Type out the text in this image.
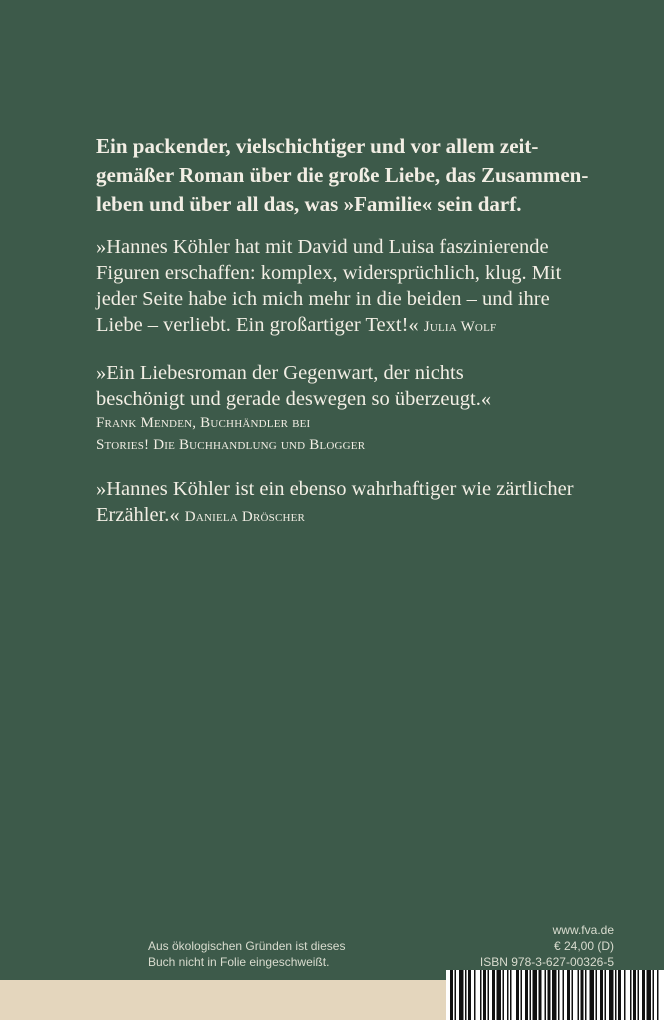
Ein packender, vielschichtiger und vor allem zeit-
gemäßer Roman über die große Liebe, das Zusammen-
leben und über all das, was »Familie« sein darf.

»Hannes Köhler hat mit David und Luisa faszinierende
Figuren erschaffen: komplex, widersprüchlich, klug. Mit
jeder Seite habe ich mich mehr in die beiden – und ihre
Liebe – verliebt. Ein großartiger Text!« Julia Wolf

»Ein Liebesroman der Gegenwart, der nichts
beschönigt und gerade deswegen so überzeugt.«
Frank Menden, Buchhändler bei
Stories! Die Buchhandlung und Blogger

»Hannes Köhler ist ein ebenso wahrhaftiger wie zärtlicher
Erzähler.« Daniela Dröscher

Aus ökologischen Gründen ist dieses
Buch nicht in Folie eingeschweißt.
www.fva.de
€ 24,00 (D)
ISBN 978-3-627-00326-5
